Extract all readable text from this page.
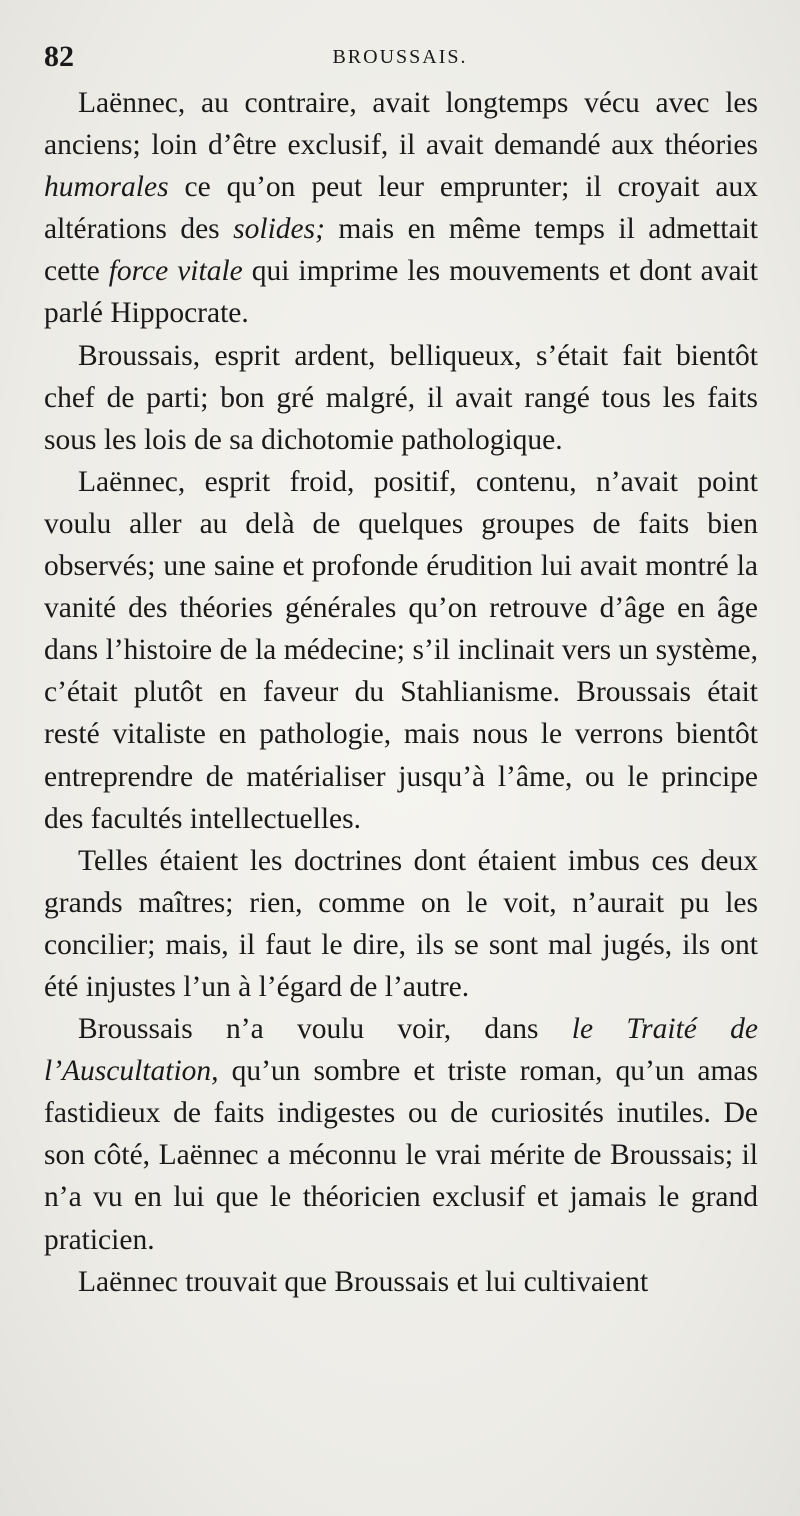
82	BROUSSAIS.

Laënnec, au contraire, avait longtemps vécu avec les anciens; loin d’être exclusif, il avait demandé aux théories humorales ce qu’on peut leur emprunter; il croyait aux altérations des solides; mais en même temps il admettait cette force vitale qui imprime les mouvements et dont avait parlé Hippocrate.

Broussais, esprit ardent, belliqueux, s’était fait bientôt chef de parti; bon gré malgré, il avait rangé tous les faits sous les lois de sa dichotomie pathologique.

Laënnec, esprit froid, positif, contenu, n’avait point voulu aller au delà de quelques groupes de faits bien observés; une saine et profonde érudition lui avait montré la vanité des théories générales qu’on retrouve d’âge en âge dans l’histoire de la médecine; s’il inclinait vers un système, c’était plutôt en faveur du Stahlianisme. Broussais était resté vitaliste en pathologie, mais nous le verrons bientôt entreprendre de matérialiser jusqu’à l’âme, ou le principe des facultés intellectuelles.

Telles étaient les doctrines dont étaient imbus ces deux grands maîtres; rien, comme on le voit, n’aurait pu les concilier; mais, il faut le dire, ils se sont mal jugés, ils ont été injustes l’un à l’égard de l’autre.

Broussais n’a voulu voir, dans le Traité de l’Auscultation, qu’un sombre et triste roman, qu’un amas fastidieux de faits indigestes ou de curiosités inutiles. De son côté, Laënnec a méconnu le vrai mérite de Broussais; il n’a vu en lui que le théoricien exclusif et jamais le grand praticien.

Laënnec trouvait que Broussais et lui cultivaient
